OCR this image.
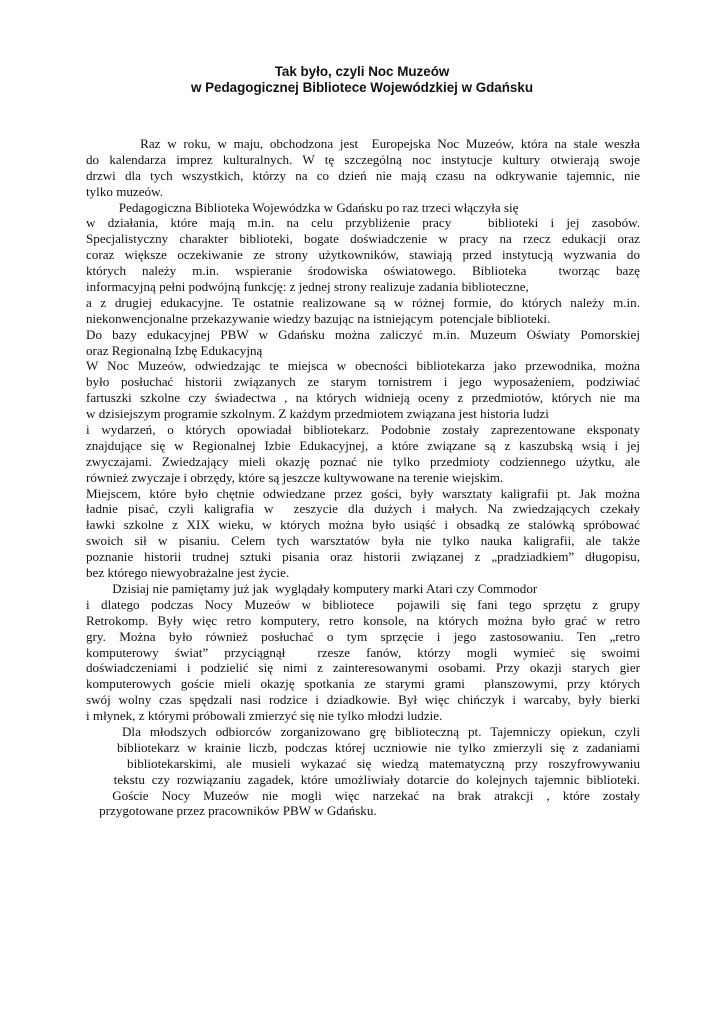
Tak było, czyli Noc Muzeów

w Pedagogicznej Bibliotece Wojewódzkiej w Gdańsku

Raz w roku, w maju, obchodzona jest  Europejska Noc Muzeów, która na stale weszła

do kalendarza imprez kulturalnych. W tę szczególną noc instytucje kultury otwierają swoje

drzwi dla tych wszystkich, którzy na co dzień nie mają czasu na odkrywanie tajemnic, nie

tylko muzeów.

Pedagogiczna Biblioteka Wojewódzka w Gdańsku po raz trzeci włączyła się

w działania, które mają m.in. na celu przybliżenie pracy   biblioteki i jej zasobów.

Specjalistyczny charakter biblioteki, bogate doświadczenie w pracy na rzecz edukacji oraz

coraz większe oczekiwanie ze strony użytkowników, stawiają przed instytucją wyzwania do

których należy m.in. wspieranie środowiska oświatowego. Biblioteka  tworząc bazę

informacyjną pełni podwójną funkcję: z jednej strony realizuje zadania biblioteczne,

a z drugiej edukacyjne. Te ostatnie realizowane są w różnej formie, do których należy m.in.

niekonwencjonalne przekazywanie wiedzy bazując na istniejącym  potencjale biblioteki.

Do bazy edukacyjnej PBW w Gdańsku można zaliczyć m.in. Muzeum Oświaty Pomorskiej

oraz Regionalną Izbę Edukacyjną

W Noc Muzeów, odwiedzając te miejsca w obecności bibliotekarza jako przewodnika, można

było posłuchać historii związanych ze starym tornistrem i jego wyposażeniem, podziwiać

fartuszki szkolne czy świadectwa , na których widnieją oceny z przedmiotów, których nie ma

w dzisiejszym programie szkolnym. Z każdym przedmiotem związana jest historia ludzi

i wydarzeń, o których opowiadał bibliotekarz. Podobnie zostały zaprezentowane eksponaty

znajdujące się w Regionalnej Izbie Edukacyjnej, a które związane są z kaszubską wsią i jej

zwyczajami. Zwiedzający mieli okazję poznać nie tylko przedmioty codziennego użytku, ale

również zwyczaje i obrzędy, które są jeszcze kultywowane na terenie wiejskim.

Miejscem, które było chętnie odwiedzane przez gości, były warsztaty kaligrafii pt. Jak można

ładnie pisać, czyli kaligrafia w  zeszycie dla dużych i małych. Na zwiedzających czekały

ławki szkolne z XIX wieku, w których można było usiąść i obsadką ze stalówką spróbować

swoich sił w pisaniu. Celem tych warsztatów była nie tylko nauka kaligrafii, ale także

poznanie historii trudnej sztuki pisania oraz historii związanej z „pradziadkiem” długopisu,

bez którego niewyobrażalne jest życie.

Dzisiaj nie pamiętamy już jak  wyglądały komputery marki Atari czy Commodor

i dlatego podczas Nocy Muzeów w bibliotece  pojawili się fani tego sprzętu z grupy

Retrokomp. Były więc retro komputery, retro konsole, na których można było grać w retro

gry. Można było również posłuchać o tym sprzęcie i jego zastosowaniu. Ten „retro

komputerowy świat” przyciągnął  rzesze fanów, którzy mogli wymieć się swoimi

doświadczeniami i podzielić się nimi z zainteresowanymi osobami. Przy okazji starych gier

komputerowych goście mieli okazję spotkania ze starymi grami  planszowymi, przy których

swój wolny czas spędzali nasi rodzice i dziadkowie. Był więc chińczyk i warcaby, były bierki

i młynek, z którymi próbowali zmierzyć się nie tylko młodzi ludzie.

Dla młodszych odbiorców zorganizowano grę biblioteczną pt. Tajemniczy opiekun, czyli

bibliotekarz w krainie liczb, podczas której uczniowie nie tylko zmierzyli się z zadaniami

bibliotekarskimi, ale musieli wykazać się wiedzą matematyczną przy roszyfrowywaniu

tekstu czy rozwiązaniu zagadek, które umożliwiały dotarcie do kolejnych tajemnic biblioteki.

Goście Nocy Muzeów nie mogli więc narzekać na brak atrakcji , które zostały

przygotowane przez pracowników PBW w Gdańsku.
